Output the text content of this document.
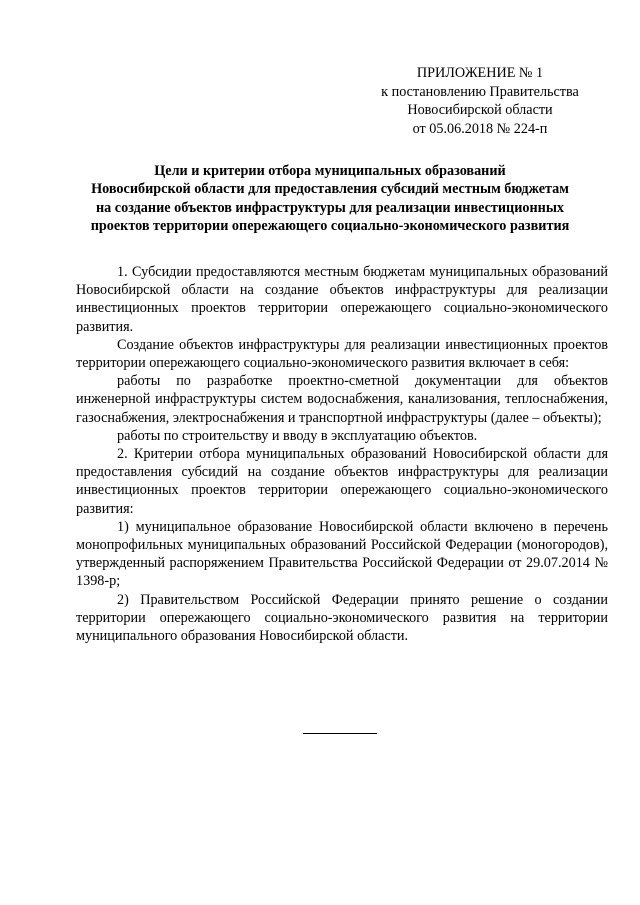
ПРИЛОЖЕНИЕ № 1
к постановлению Правительства
Новосибирской области
от 05.06.2018 № 224-п
Цели и критерии отбора муниципальных образований
Новосибирской области для предоставления субсидий местным бюджетам
на создание объектов инфраструктуры для реализации инвестиционных
проектов территории опережающего социально-экономического развития

1. Субсидии предоставляются местным бюджетам муниципальных образований Новосибирской области на создание объектов инфраструктуры для реализации инвестиционных проектов территории опережающего социально-экономического развития.

Создание объектов инфраструктуры для реализации инвестиционных проектов территории опережающего социально-экономического развития включает в себя:

работы по разработке проектно-сметной документации для объектов инженерной инфраструктуры систем водоснабжения, канализования, теплоснабжения, газоснабжения, электроснабжения и транспортной инфраструктуры (далее – объекты);

работы по строительству и вводу в эксплуатацию объектов.

2. Критерии отбора муниципальных образований Новосибирской области для предоставления субсидий на создание объектов инфраструктуры для реализации инвестиционных проектов территории опережающего социально-экономического развития:

1) муниципальное образование Новосибирской области включено в перечень монопрофильных муниципальных образований Российской Федерации (моногородов), утвержденный распоряжением Правительства Российской Федерации от 29.07.2014 № 1398-р;

2) Правительством Российской Федерации принято решение о создании территории опережающего социально-экономического развития на территории муниципального образования Новосибирской области.
